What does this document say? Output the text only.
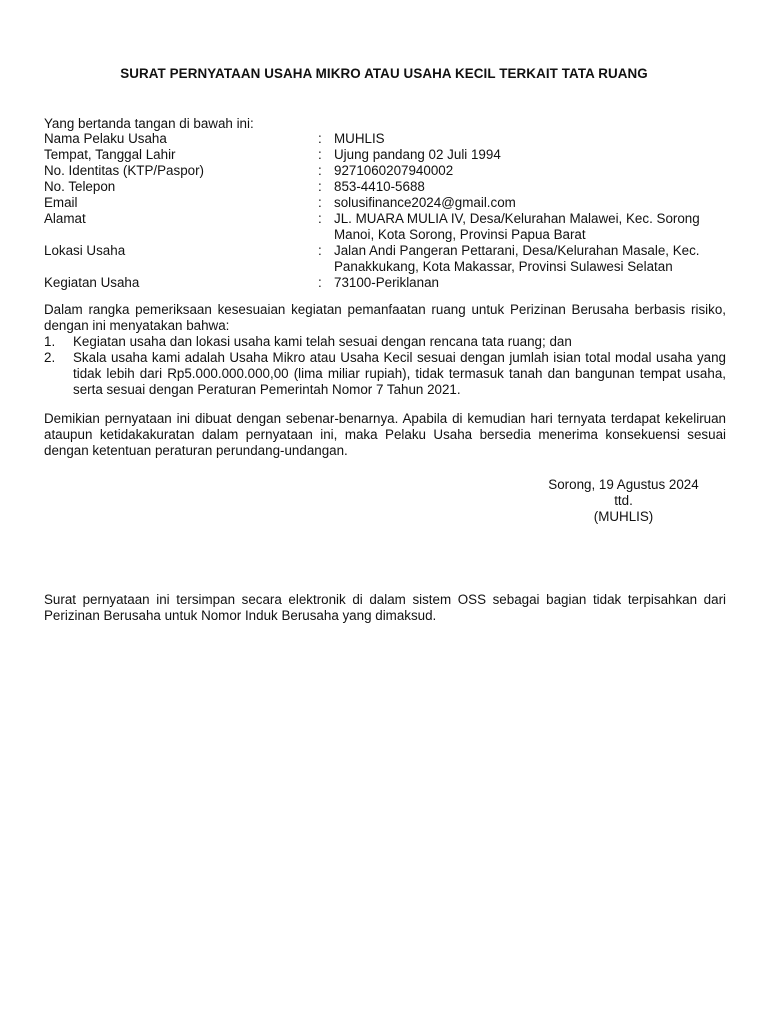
SURAT PERNYATAAN USAHA MIKRO ATAU USAHA KECIL TERKAIT TATA RUANG
Yang bertanda tangan di bawah ini:
Nama Pelaku Usaha	: MUHLIS
Tempat, Tanggal Lahir	: Ujung pandang 02 Juli 1994
No. Identitas (KTP/Paspor)	: 9271060207940002
No. Telepon	: 853-4410-5688
Email	: solusifinance2024@gmail.com
Alamat	: JL. MUARA MULIA IV, Desa/Kelurahan Malawei, Kec. Sorong Manoi, Kota Sorong, Provinsi Papua Barat
Lokasi Usaha	: Jalan Andi Pangeran Pettarani, Desa/Kelurahan Masale, Kec. Panakkukang, Kota Makassar, Provinsi Sulawesi Selatan
Kegiatan Usaha	: 73100-Periklanan
Dalam rangka pemeriksaan kesesuaian kegiatan pemanfaatan ruang untuk Perizinan Berusaha berbasis risiko, dengan ini menyatakan bahwa:
1.	Kegiatan usaha dan lokasi usaha kami telah sesuai dengan rencana tata ruang; dan
2.	Skala usaha kami adalah Usaha Mikro atau Usaha Kecil sesuai dengan jumlah isian total modal usaha yang tidak lebih dari Rp5.000.000.000,00 (lima miliar rupiah), tidak termasuk tanah dan bangunan tempat usaha, serta sesuai dengan Peraturan Pemerintah Nomor 7 Tahun 2021.
Demikian pernyataan ini dibuat dengan sebenar-benarnya. Apabila di kemudian hari ternyata terdapat kekeliruan ataupun ketidakakuratan dalam pernyataan ini, maka Pelaku Usaha bersedia menerima konsekuensi sesuai dengan ketentuan peraturan perundang-undangan.
Sorong, 19 Agustus 2024
ttd.
(MUHLIS)
Surat pernyataan ini tersimpan secara elektronik di dalam sistem OSS sebagai bagian tidak terpisahkan dari Perizinan Berusaha untuk Nomor Induk Berusaha yang dimaksud.
